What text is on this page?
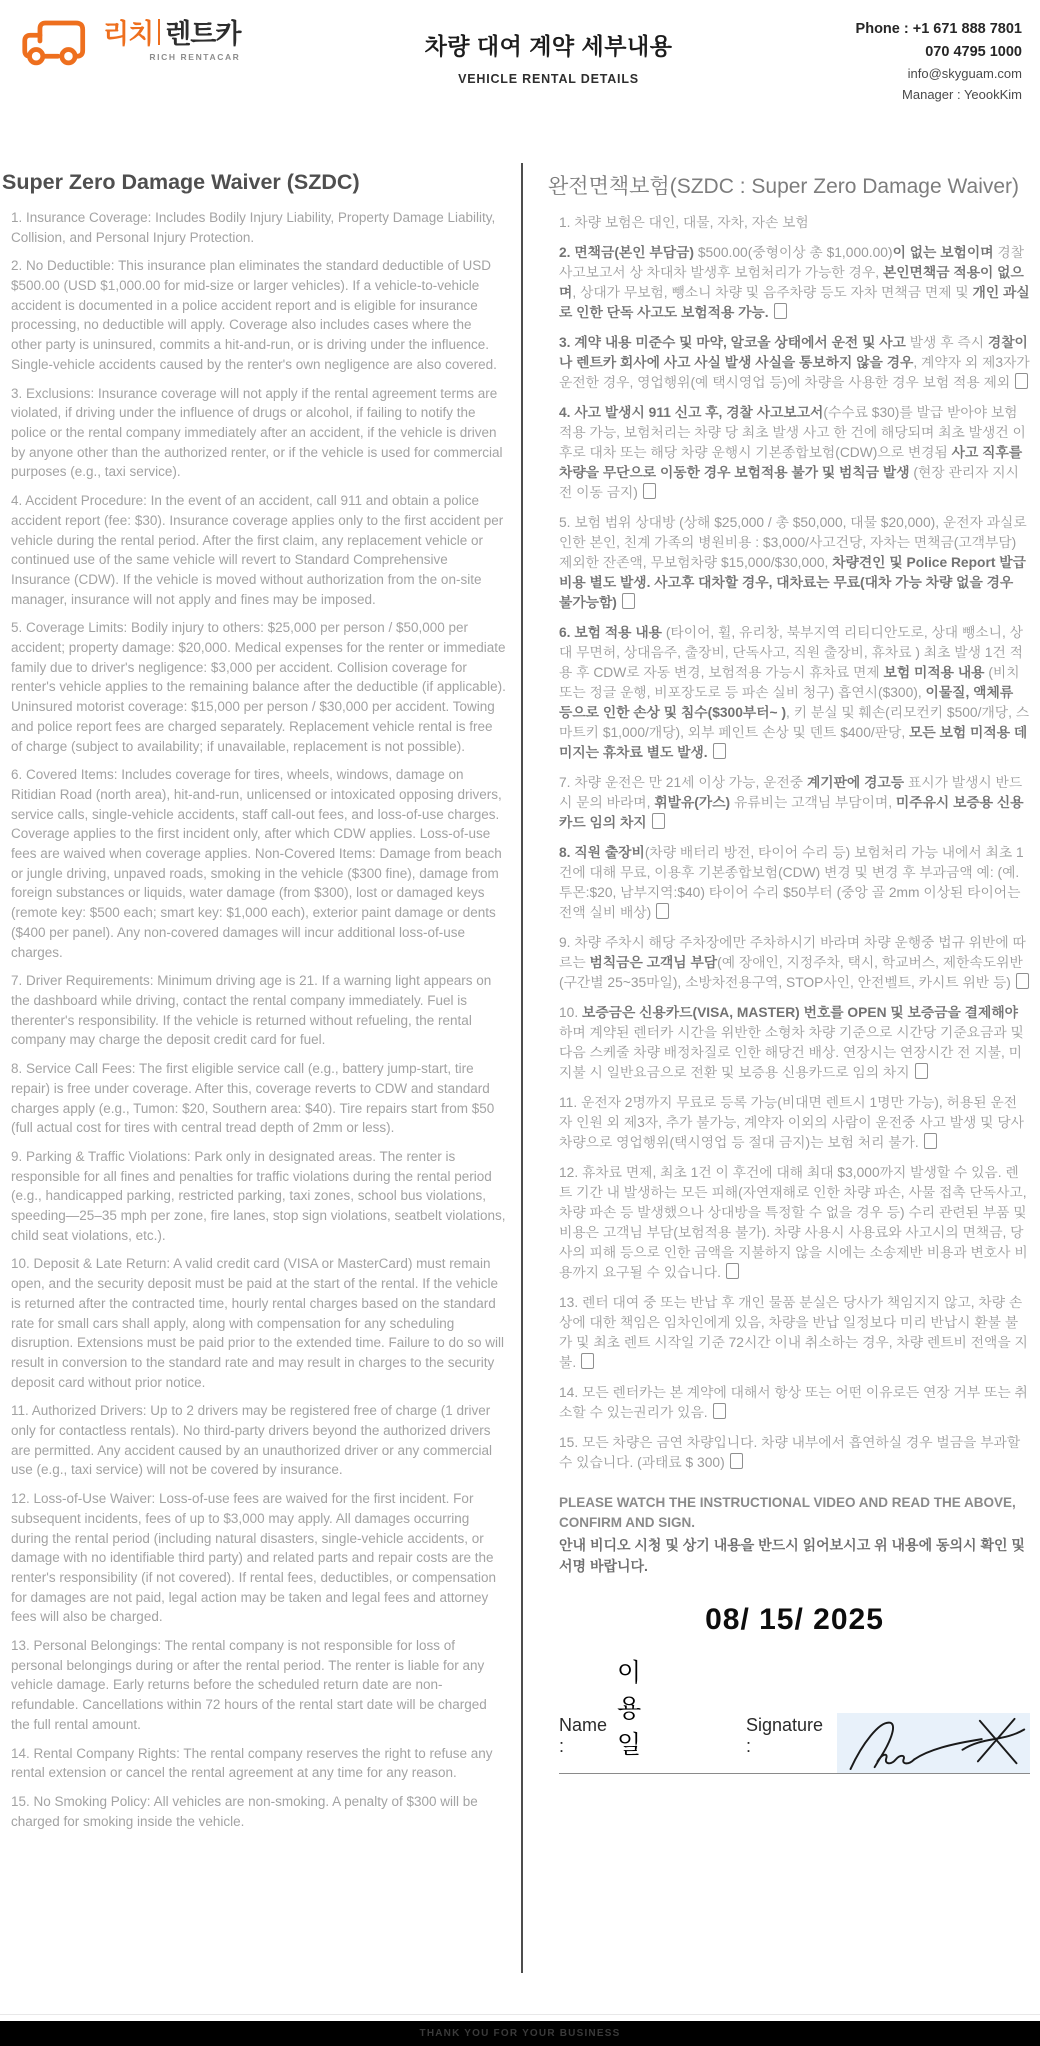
리치 렌트카
RICH RENTACAR	차량 대여 계약 세부내용
VEHICLE RENTAL DETAILS
Phone : +1 671 888 7801
070 4795 1000
info@skyguam.com
Manager : YeookKim
Super Zero Damage Waiver (SZDC)

1. Insurance Coverage: Includes Bodily Injury Liability, Property Damage Liability, Collision, and Personal Injury Protection.

2. No Deductible: This insurance plan eliminates the standard deductible of USD $500.00 (USD $1,000.00 for mid-size or larger vehicles). If a vehicle-to-vehicle accident is documented in a police accident report and is eligible for insurance processing, no deductible will apply. Coverage also includes cases where the other party is uninsured, commits a hit-and-run, or is driving under the influence. Single-vehicle accidents caused by the renter's own negligence are also covered.

3. Exclusions: Insurance coverage will not apply if the rental agreement terms are violated, if driving under the influence of drugs or alcohol, if failing to notify the police or the rental company immediately after an accident, if the vehicle is driven by anyone other than the authorized renter, or if the vehicle is used for commercial purposes (e.g., taxi service).

4. Accident Procedure: In the event of an accident, call 911 and obtain a police accident report (fee: $30). Insurance coverage applies only to the first accident per vehicle during the rental period. After the first claim, any replacement vehicle or continued use of the same vehicle will revert to Standard Comprehensive Insurance (CDW). If the vehicle is moved without authorization from the on-site manager, insurance will not apply and fines may be imposed.

5. Coverage Limits: Bodily injury to others: $25,000 per person / $50,000 per accident; property damage: $20,000. Medical expenses for the renter or immediate family due to driver's negligence: $3,000 per accident. Collision coverage for renter's vehicle applies to the remaining balance after the deductible (if applicable). Uninsured motorist coverage: $15,000 per person / $30,000 per accident. Towing and police report fees are charged separately. Replacement vehicle rental is free of charge (subject to availability; if unavailable, replacement is not possible).

6. Covered Items: Includes coverage for tires, wheels, windows, damage on Ritidian Road (north area), hit-and-run, unlicensed or intoxicated opposing drivers, service calls, single-vehicle accidents, staff call-out fees, and loss-of-use charges. Coverage applies to the first incident only, after which CDW applies. Loss-of-use fees are waived when coverage applies. Non-Covered Items: Damage from beach or jungle driving, unpaved roads, smoking in the vehicle ($300 fine), damage from foreign substances or liquids, water damage (from $300), lost or damaged keys (remote key: $500 each; smart key: $1,000 each), exterior paint damage or dents ($400 per panel). Any non-covered damages will incur additional loss-of-use charges.

7. Driver Requirements: Minimum driving age is 21. If a warning light appears on the dashboard while driving, contact the rental company immediately. Fuel is therenter's responsibility. If the vehicle is returned without refueling, the rental company may charge the deposit credit card for fuel.

8. Service Call Fees: The first eligible service call (e.g., battery jump-start, tire repair) is free under coverage. After this, coverage reverts to CDW and standard charges apply (e.g., Tumon: $20, Southern area: $40). Tire repairs start from $50 (full actual cost for tires with central tread depth of 2mm or less).

9. Parking & Traffic Violations: Park only in designated areas. The renter is responsible for all fines and penalties for traffic violations during the rental period (e.g., handicapped parking, restricted parking, taxi zones, school bus violations, speeding—25–35 mph per zone, fire lanes, stop sign violations, seatbelt violations, child seat violations, etc.).

10. Deposit & Late Return: A valid credit card (VISA or MasterCard) must remain open, and the security deposit must be paid at the start of the rental. If the vehicle is returned after the contracted time, hourly rental charges based on the standard rate for small cars shall apply, along with compensation for any scheduling disruption. Extensions must be paid prior to the extended time. Failure to do so will result in conversion to the standard rate and may result in charges to the security deposit card without prior notice.

11. Authorized Drivers: Up to 2 drivers may be registered free of charge (1 driver only for contactless rentals). No third-party drivers beyond the authorized drivers are permitted. Any accident caused by an unauthorized driver or any commercial use (e.g., taxi service) will not be covered by insurance.

12. Loss-of-Use Waiver: Loss-of-use fees are waived for the first incident. For subsequent incidents, fees of up to $3,000 may apply. All damages occurring during the rental period (including natural disasters, single-vehicle accidents, or damage with no identifiable third party) and related parts and repair costs are the renter's responsibility (if not covered). If rental fees, deductibles, or compensation for damages are not paid, legal action may be taken and legal fees and attorney fees will also be charged.

13. Personal Belongings: The rental company is not responsible for loss of personal belongings during or after the rental period. The renter is liable for any vehicle damage. Early returns before the scheduled return date are non-refundable. Cancellations within 72 hours of the rental start date will be charged the full rental amount.

14. Rental Company Rights: The rental company reserves the right to refuse any rental extension or cancel the rental agreement at any time for any reason.

15. No Smoking Policy: All vehicles are non-smoking. A penalty of $300 will be charged for smoking inside the vehicle.

완전면책보험(SZDC : Super Zero Damage Waiver)

1. 차량 보험은 대인, 대물, 자차, 자손 보험

2. 면책금(본인 부담금) $500.00(중형이상 총 $1,000.00)이 없는 보험이며 경찰 사고보고서 상 차대차 발생후 보험처리가 가능한 경우, 본인면책금 적용이 없으며, 상대가 무보험, 뺑소니 차량 및 음주차량 등도 자차 면책금 면제 및 개인 과실로 인한 단독 사고도 보험적용 가능.

3. 계약 내용 미준수 및 마약, 알코올 상태에서 운전 및 사고 발생 후 즉시 경찰이나 렌트카 회사에 사고 사실 발생 사실을 통보하지 않을 경우, 계약자 외 제3자가 운전한 경우, 영업행위(예 택시영업 등)에 차량을 사용한 경우 보험 적용 제외

4. 사고 발생시 911 신고 후, 경찰 사고보고서(수수료 $30)를 발급 받아야 보험 적용 가능, 보험처리는 차량 당 최초 발생 사고 한 건에 해당되며 최초 발생건 이후로 대차 또는 해당 차량 운행시 기본종합보험(CDW)으로 변경됨 사고 직후를 차량을 무단으로 이동한 경우 보험적용 불가 및 범칙금 발생 (현장 관리자 지시 전 이동 금지)

5. 보험 범위 상대방 (상해 $25,000 / 총 $50,000, 대물 $20,000), 운전자 과실로 인한 본인, 친계 가족의 병원비용 : $3,000/사고건당, 자차는 면책금(고객부담) 제외한 잔존액, 무보험차량 $15,000/$30,000, 차량견인 및 Police Report 발급 비용 별도 발생. 사고후 대차할 경우, 대차료는 무료(대차 가능 차량 없을 경우 불가능함)

6. 보험 적용 내용 (타이어, 휠, 유리창, 북부지역 리티디안도로, 상대 뺑소니, 상대 무면허, 상대음주, 출장비, 단독사고, 직원 출장비, 휴차료 ) 최초 발생 1건 적용 후 CDW로 자동 변경, 보험적용 가능시 휴차료 면제 보험 미적용 내용 (비치 또는 정글 운행, 비포장도로 등 파손 실비 청구) 흡연시($300), 이물질, 액체류 등으로 인한 손상 및 침수($300부터~ ), 키 분실 및 훼손(리모컨키 $500/개당, 스마트키 $1,000/개당), 외부 페인트 손상 및 덴트 $400/판당, 모든 보험 미적용 데미지는 휴차료 별도 발생.

7. 차량 운전은 만 21세 이상 가능, 운전중 계기판에 경고등 표시가 발생시 반드시 문의 바라며, 휘발유(가스) 유류비는 고객님 부담이며, 미주유시 보증용 신용카드 임의 차지

8. 직원 출장비(차량 배터리 방전, 타이어 수리 등) 보험처리 가능 내에서 최초 1건에 대해 무료, 이용후 기본종합보험(CDW) 변경 및 변경 후 부과금액 예: (예. 투몬:$20, 남부지역:$40) 타이어 수리 $50부터 (중앙 골 2mm 이상된 타이어는 전액 실비 배상)

9. 차량 주차시 해당 주차장에만 주차하시기 바라며 차량 운행중 법규 위반에 따르는 범칙금은 고객님 부담(예 장애인, 지정주차, 택시, 학교버스, 제한속도위반(구간별 25~35마일), 소방차전용구역, STOP사인, 안전벨트, 카시트 위반 등)

10. 보증금은 신용카드(VISA, MASTER) 번호를 OPEN 및 보증금을 결제해야 하며 계약된 렌터카 시간을 위반한 소형차 차량 기준으로 시간당 기준요금과 및 다음 스케줄 차량 배정차질로 인한 해당건 배상. 연장시는 연장시간 전 지불, 미지불 시 일반요금으로 전환 및 보증용 신용카드로 임의 차지

11. 운전자 2명까지 무료로 등록 가능(비대면 렌트시 1명만 가능), 허용된 운전자 인원 외 제3자, 추가 불가능, 계약자 이외의 사람이 운전중 사고 발생 및 당사 차량으로 영업행위(택시영업 등 절대 금지)는 보험 처리 불가.

12. 휴차료 면제, 최초 1건 이 후건에 대해 최대 $3,000까지 발생할 수 있음. 렌트 기간 내 발생하는 모든 피해(자연재해로 인한 차량 파손, 사물 접촉 단독사고, 차량 파손 등 발생했으나 상대방을 특정할 수 없을 경우 등) 수리 관련된 부품 및 비용은 고객님 부담(보험적용 불가). 차량 사용시 사용료와 사고시의 면책금, 당사의 피해 등으로 인한 금액을 지불하지 않을 시에는 소송제반 비용과 변호사 비용까지 요구될 수 있습니다.

13. 렌터 대여 중 또는 반납 후 개인 물품 분실은 당사가 책임지지 않고, 차량 손상에 대한 책임은 임차인에게 있음, 차량을 반납 일정보다 미리 반납시 환불 불가 및 최초 렌트 시작일 기준 72시간 이내 취소하는 경우, 차량 렌트비 전액을 지불.

14. 모든 렌터카는 본 계약에 대해서 항상 또는 어떤 이유로든 연장 거부 또는 취소할 수 있는권리가 있음.

15. 모든 차량은 금연 차량입니다. 차량 내부에서 흡연하실 경우 벌금을 부과할 수 있습니다. (과태료 $ 300)

PLEASE WATCH THE INSTRUCTIONAL VIDEO AND READ THE ABOVE, CONFIRM AND SIGN.
안내 비디오 시청 및 상기 내용을 반드시 읽어보시고 위 내용에 동의시 확인 및 서명 바랍니다.
08/ 15/ 2025
Name :
이용일
Signature :
THANK YOU FOR YOUR BUSINESS
